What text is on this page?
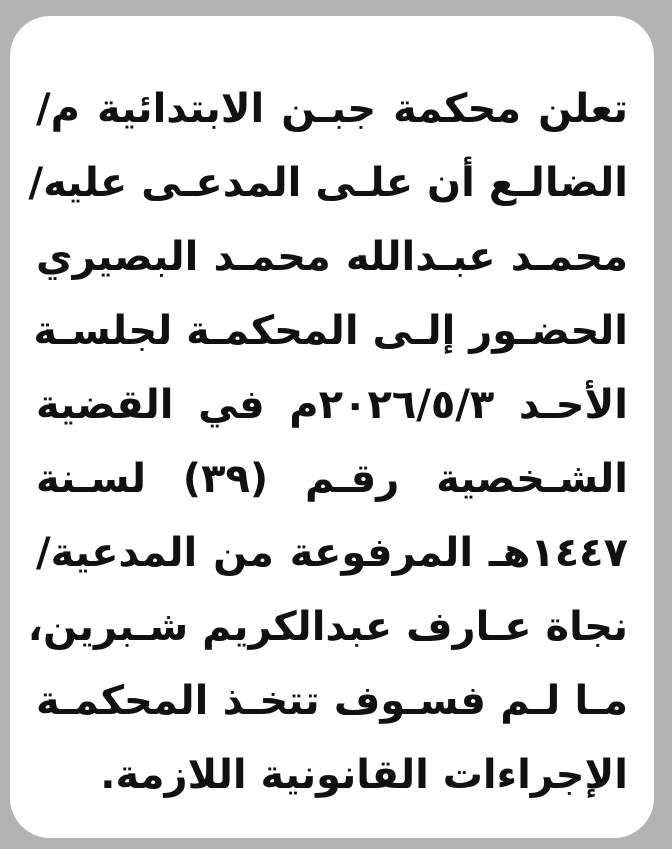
تعلن محكمة جبـن الابتدائية م/
الضالـع أن علـى المدعـى عليه/
محمـد عبـدالله محمـد البصيري
الحضـور إلـى المحكمـة لجلسـة
الأحـد ٢٠٢٦/٥/٣م في القضية
الشـخصية رقـم (٣٩) لسـنة
١٤٤٧هـ المرفوعة من المدعية/
نجاة عـارف عبدالكريم شـبرين،
مـا لـم فسـوف تتخـذ المحكمـة
الإجراءات القانونية اللازمة.
